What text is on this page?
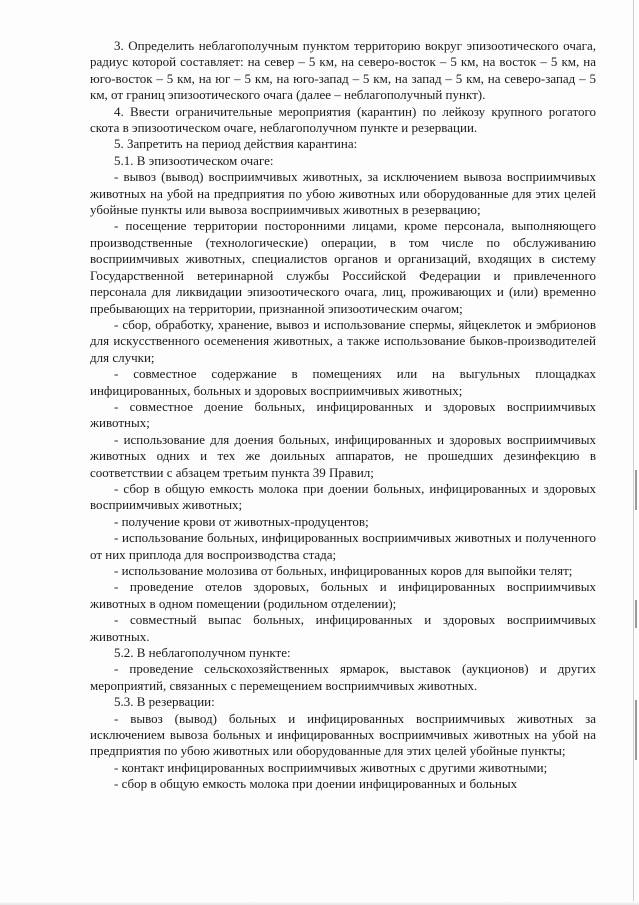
3. Определить неблагополучным пунктом территорию вокруг эпизоотического очага, радиус которой составляет: на север – 5 км, на северо-восток – 5 км, на восток – 5 км, на юго-восток – 5 км, на юг – 5 км, на юго-запад – 5 км, на запад – 5 км, на северо-запад – 5 км, от границ эпизоотического очага (далее – неблагополучный пункт).

4. Ввести ограничительные мероприятия (карантин) по лейкозу крупного рогатого скота в эпизоотическом очаге, неблагополучном пункте и резервации.

5. Запретить на период действия карантина:

5.1. В эпизоотическом очаге:

- вывоз (вывод) восприимчивых животных, за исключением вывоза восприимчивых животных на убой на предприятия по убою животных или оборудованные для этих целей убойные пункты или вывоза восприимчивых животных в резервацию;

- посещение территории посторонними лицами, кроме персонала, выполняющего производственные (технологические) операции, в том числе по обслуживанию восприимчивых животных, специалистов органов и организаций, входящих в систему Государственной ветеринарной службы Российской Федерации и привлеченного персонала для ликвидации эпизоотического очага, лиц, проживающих и (или) временно пребывающих на территории, признанной эпизоотическим очагом;

- сбор, обработку, хранение, вывоз и использование спермы, яйцеклеток и эмбрионов для искусственного осеменения животных, а также использование быков-производителей для случки;

- совместное содержание в помещениях или на выгульных площадках инфицированных, больных и здоровых восприимчивых животных;

- совместное доение больных, инфицированных и здоровых восприимчивых животных;

- использование для доения больных, инфицированных и здоровых восприимчивых животных одних и тех же доильных аппаратов, не прошедших дезинфекцию в соответствии с абзацем третьим пункта 39 Правил;

- сбор в общую емкость молока при доении больных, инфицированных и здоровых восприимчивых животных;

- получение крови от животных-продуцентов;

- использование больных, инфицированных восприимчивых животных и полученного от них приплода для воспроизводства стада;

- использование молозива от больных, инфицированных коров для выпойки телят;

- проведение отелов здоровых, больных и инфицированных восприимчивых животных в одном помещении (родильном отделении);

- совместный выпас больных, инфицированных и здоровых восприимчивых животных.

5.2. В неблагополучном пункте:

- проведение сельскохозяйственных ярмарок, выставок (аукционов) и других мероприятий, связанных с перемещением восприимчивых животных.

5.3. В резервации:

- вывоз (вывод) больных и инфицированных восприимчивых животных за исключением вывоза больных и инфицированных восприимчивых животных на убой на предприятия по убою животных или оборудованные для этих целей убойные пункты;

- контакт инфицированных восприимчивых животных с другими животными;

- сбор в общую емкость молока при доении инфицированных и больных
